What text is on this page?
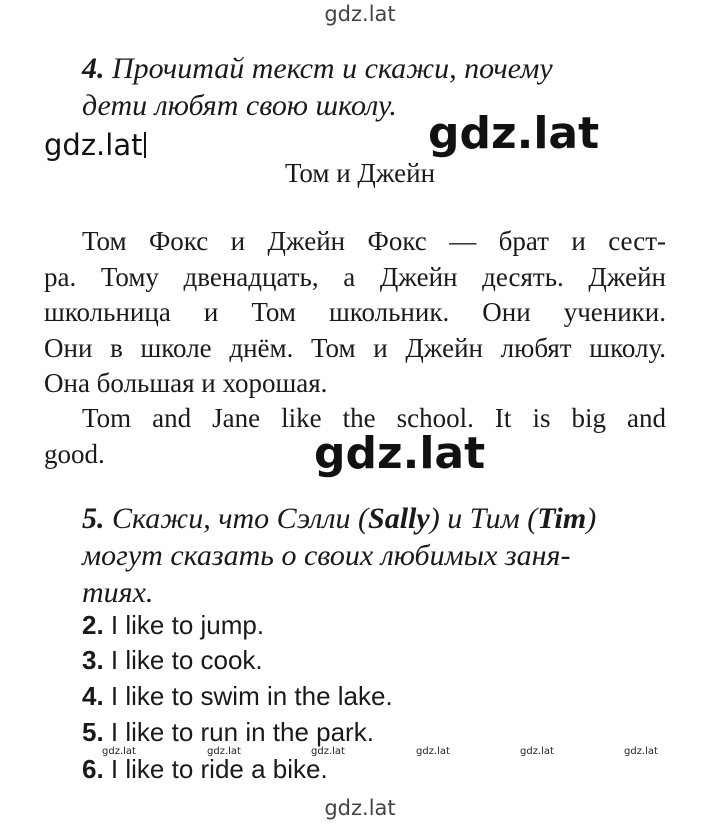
gdz.lat
4. Прочитай текст и скажи, почему
дети любят свою школу.
gdz.lat	gdz.lat
Том и Джейн
Том Фокс и Джейн Фокс — брат и сест-
ра. Тому двенадцать, а Джейн десять. Джейн
школьница и Том школьник. Они ученики.
Они в школе днём. Том и Джейн любят школу.
Она большая и хорошая.
Tom and Jane like the school. It is big and
good.	gdz.lat
5. Скажи, что Сэлли (Sally) и Тим (Tim)
могут сказать о своих любимых заня-
тиях.
2. I like to jump.
3. I like to cook.
4. I like to swim in the lake.
5. I like to run in the park.
6. I like to ride a bike.
gdz.lat	gdz.lat	gdz.lat	gdz.lat	gdz.lat	gdz.lat
gdz.lat
